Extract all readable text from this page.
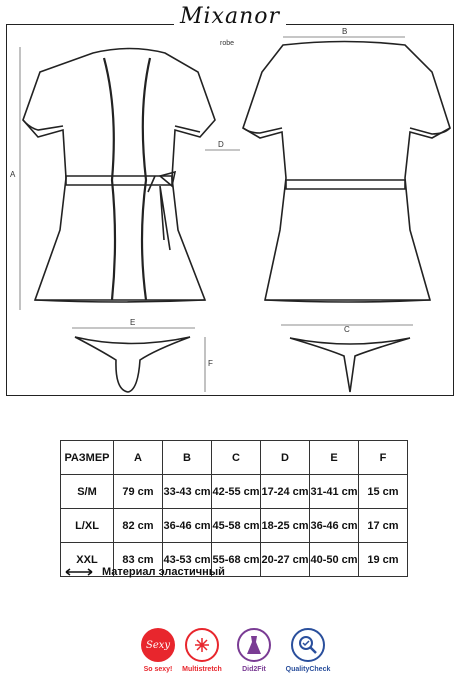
Mixanor
robe
A
B
C
D
E
F
РАЗМЕР	A	B	C	D	E	F
S/M	79 cm	33-43 cm	42-55 cm	17-24 cm	31-41 cm	15 cm
L/XL	82 cm	36-46 cm	45-58 cm	18-25 cm	36-46 cm	17 cm
XXL	83 cm	43-53 cm	55-68 cm	20-27 cm	40-50 cm	19 cm
Материал эластичный
Sexy
So sexy!	Multistretch	Did2Fit	QualityCheck
